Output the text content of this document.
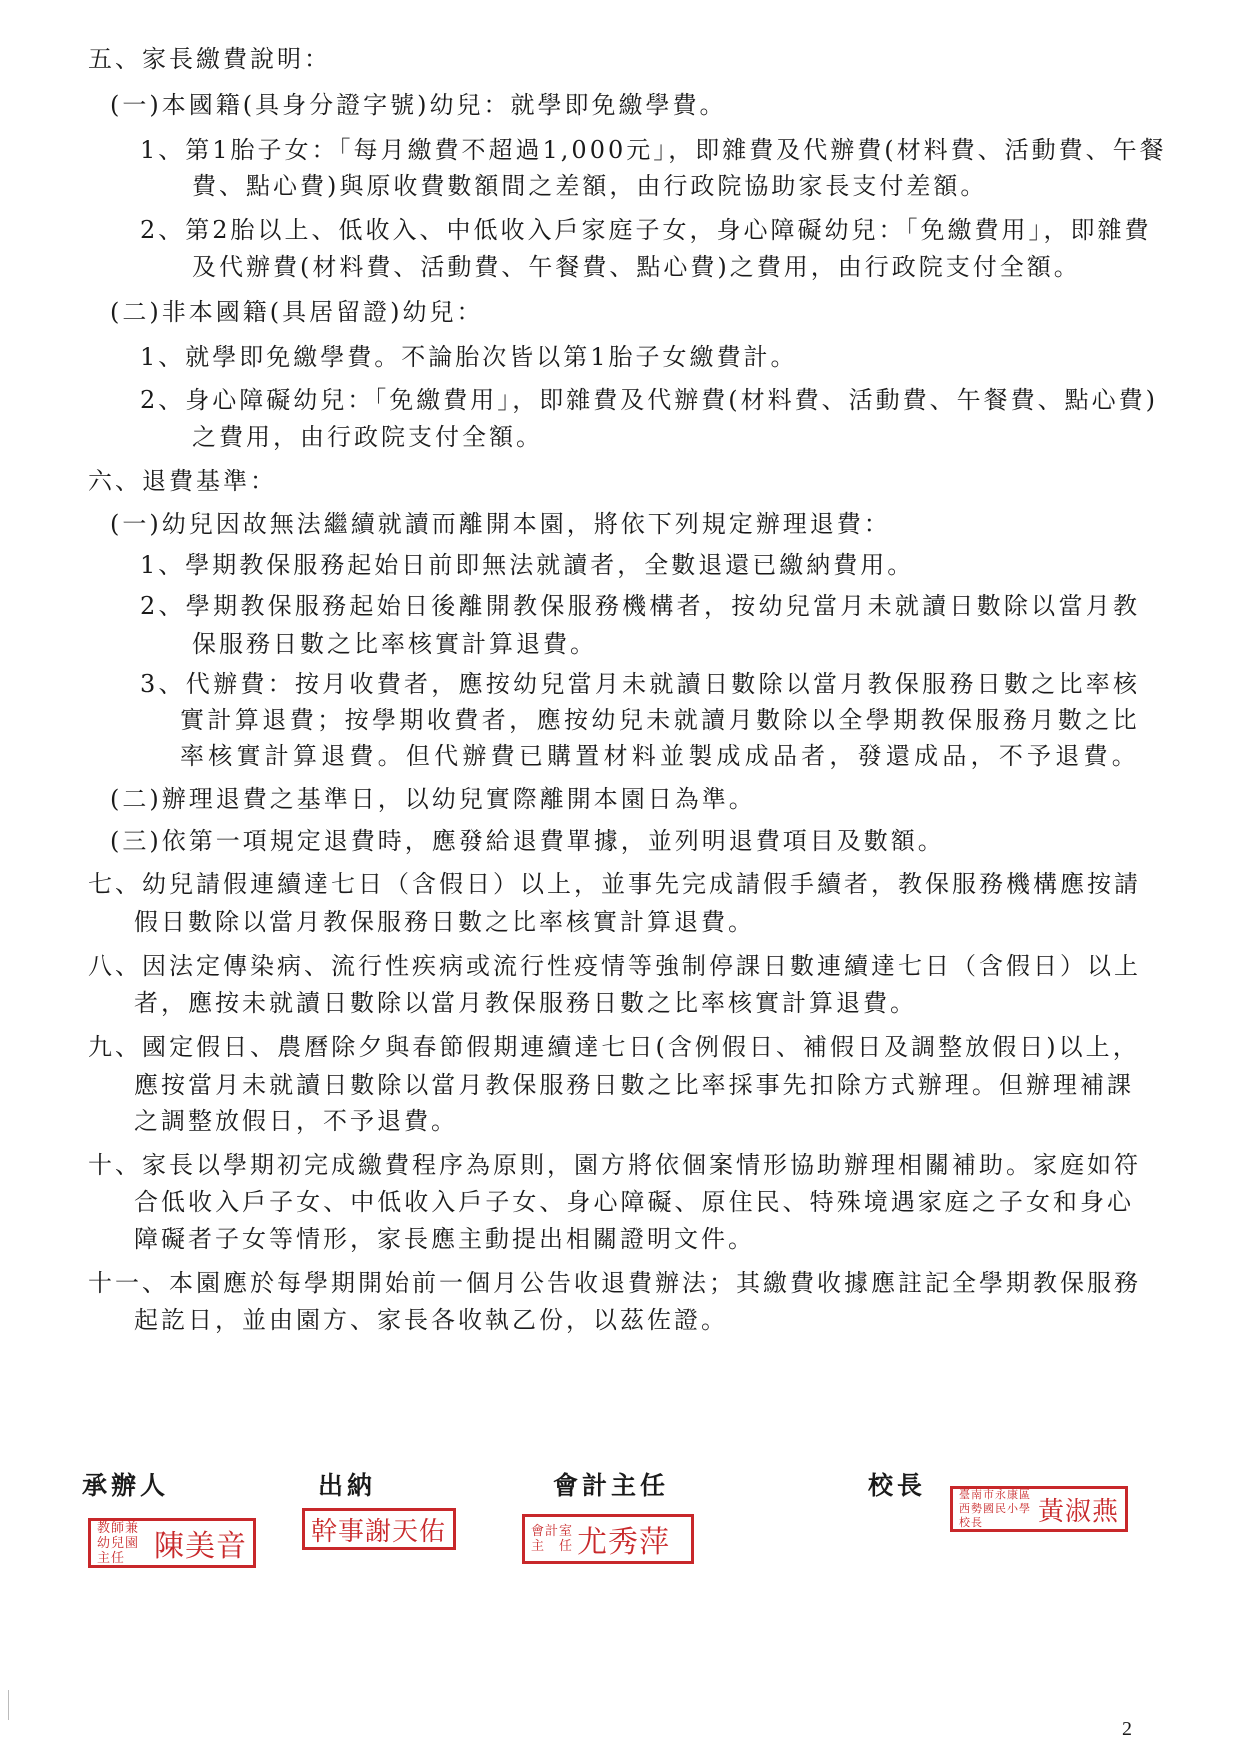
五、家長繳費說明：
(一)本國籍(具身分證字號)幼兒：就學即免繳學費。
1、第1胎子女：「每月繳費不超過1,000元」，即雜費及代辦費(材料費、活動費、午餐
費、點心費)與原收費數額間之差額，由行政院協助家長支付差額。
2、第2胎以上、低收入、中低收入戶家庭子女，身心障礙幼兒：「免繳費用」，即雜費
及代辦費(材料費、活動費、午餐費、點心費)之費用，由行政院支付全額。
(二)非本國籍(具居留證)幼兒：
1、就學即免繳學費。不論胎次皆以第1胎子女繳費計。
2、身心障礙幼兒：「免繳費用」，即雜費及代辦費(材料費、活動費、午餐費、點心費)
之費用，由行政院支付全額。
六、退費基準：
(一)幼兒因故無法繼續就讀而離開本園，將依下列規定辦理退費：
1、學期教保服務起始日前即無法就讀者，全數退還已繳納費用。
2、學期教保服務起始日後離開教保服務機構者，按幼兒當月未就讀日數除以當月教
保服務日數之比率核實計算退費。
3、代辦費：按月收費者，應按幼兒當月未就讀日數除以當月教保服務日數之比率核
實計算退費；按學期收費者，應按幼兒未就讀月數除以全學期教保服務月數之比
率核實計算退費。但代辦費已購置材料並製成成品者，發還成品，不予退費。
(二)辦理退費之基準日，以幼兒實際離開本園日為準。
(三)依第一項規定退費時，應發給退費單據，並列明退費項目及數額。
七、幼兒請假連續達七日（含假日）以上，並事先完成請假手續者，教保服務機構應按請
假日數除以當月教保服務日數之比率核實計算退費。
八、因法定傳染病、流行性疾病或流行性疫情等強制停課日數連續達七日（含假日）以上
者，應按未就讀日數除以當月教保服務日數之比率核實計算退費。
九、國定假日、農曆除夕與春節假期連續達七日(含例假日、補假日及調整放假日)以上，
應按當月未就讀日數除以當月教保服務日數之比率採事先扣除方式辦理。但辦理補課
之調整放假日，不予退費。
十、家長以學期初完成繳費程序為原則，園方將依個案情形協助辦理相關補助。家庭如符
合低收入戶子女、中低收入戶子女、身心障礙、原住民、特殊境遇家庭之子女和身心
障礙者子女等情形，家長應主動提出相關證明文件。
十一、本園應於每學期開始前一個月公告收退費辦法；其繳費收據應註記全學期教保服務
起訖日，並由園方、家長各收執乙份，以茲佐證。
承辦人	出納	會計主任	校長
教師兼
幼兒園主任 陳美音 幹事謝天佑	會計室
主　任 尤秀萍
臺南市永康區
西勢國民小學校長	黃淑燕
2
